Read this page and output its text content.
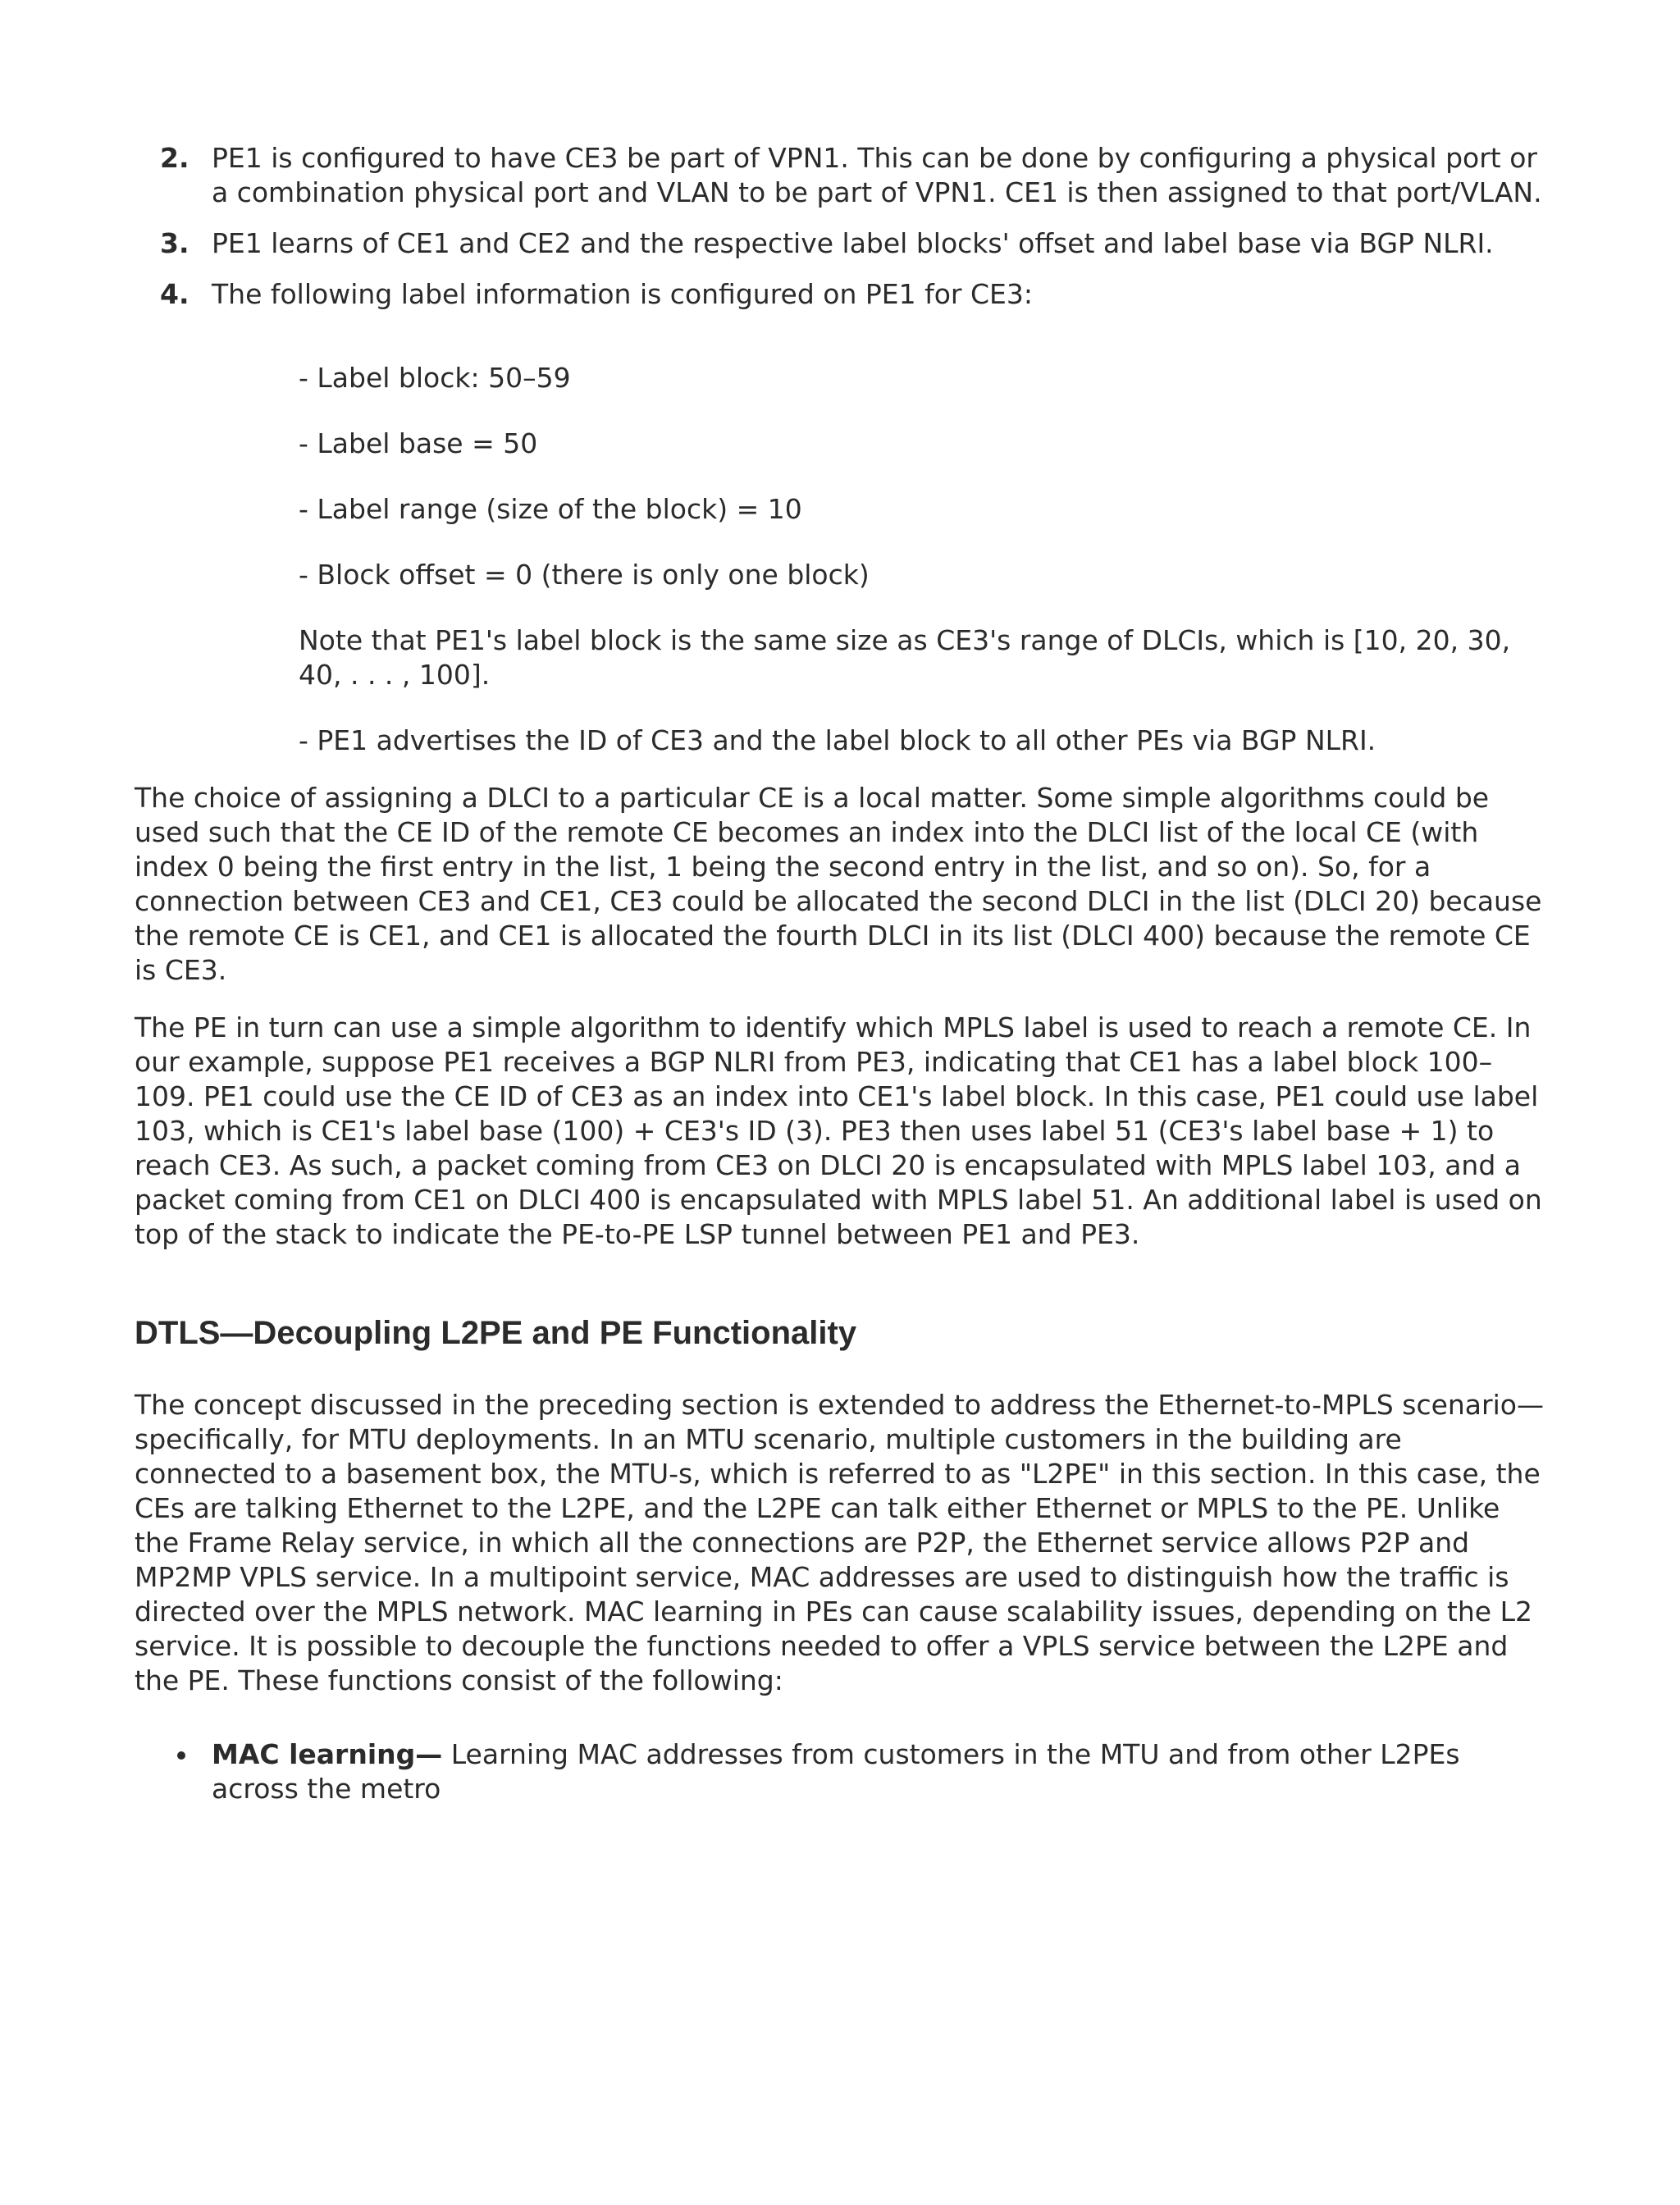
2. PE1 is configured to have CE3 be part of VPN1. This can be done by configuring a physical port or a combination physical port and VLAN to be part of VPN1. CE1 is then assigned to that port/VLAN.

3. PE1 learns of CE1 and CE2 and the respective label blocks' offset and label base via BGP NLRI.

4. The following label information is configured on PE1 for CE3:

- Label block: 50–59

- Label base = 50

- Label range (size of the block) = 10

- Block offset = 0 (there is only one block)

Note that PE1's label block is the same size as CE3's range of DLCIs, which is [10, 20, 30, 40, . . . , 100].

- PE1 advertises the ID of CE3 and the label block to all other PEs via BGP NLRI.

The choice of assigning a DLCI to a particular CE is a local matter. Some simple algorithms could be used such that the CE ID of the remote CE becomes an index into the DLCI list of the local CE (with index 0 being the first entry in the list, 1 being the second entry in the list, and so on). So, for a connection between CE3 and CE1, CE3 could be allocated the second DLCI in the list (DLCI 20) because the remote CE is CE1, and CE1 is allocated the fourth DLCI in its list (DLCI 400) because the remote CE is CE3.

The PE in turn can use a simple algorithm to identify which MPLS label is used to reach a remote CE. In our example, suppose PE1 receives a BGP NLRI from PE3, indicating that CE1 has a label block 100–109. PE1 could use the CE ID of CE3 as an index into CE1's label block. In this case, PE1 could use label 103, which is CE1's label base (100) + CE3's ID (3). PE3 then uses label 51 (CE3's label base + 1) to reach CE3. As such, a packet coming from CE3 on DLCI 20 is encapsulated with MPLS label 103, and a packet coming from CE1 on DLCI 400 is encapsulated with MPLS label 51. An additional label is used on top of the stack to indicate the PE-to-PE LSP tunnel between PE1 and PE3.

DTLS—Decoupling L2PE and PE Functionality

The concept discussed in the preceding section is extended to address the Ethernet-to-MPLS scenario—specifically, for MTU deployments. In an MTU scenario, multiple customers in the building are connected to a basement box, the MTU-s, which is referred to as "L2PE" in this section. In this case, the CEs are talking Ethernet to the L2PE, and the L2PE can talk either Ethernet or MPLS to the PE. Unlike the Frame Relay service, in which all the connections are P2P, the Ethernet service allows P2P and MP2MP VPLS service. In a multipoint service, MAC addresses are used to distinguish how the traffic is directed over the MPLS network. MAC learning in PEs can cause scalability issues, depending on the L2 service. It is possible to decouple the functions needed to offer a VPLS service between the L2PE and the PE. These functions consist of the following:

MAC learning— Learning MAC addresses from customers in the MTU and from other L2PEs across the metro
